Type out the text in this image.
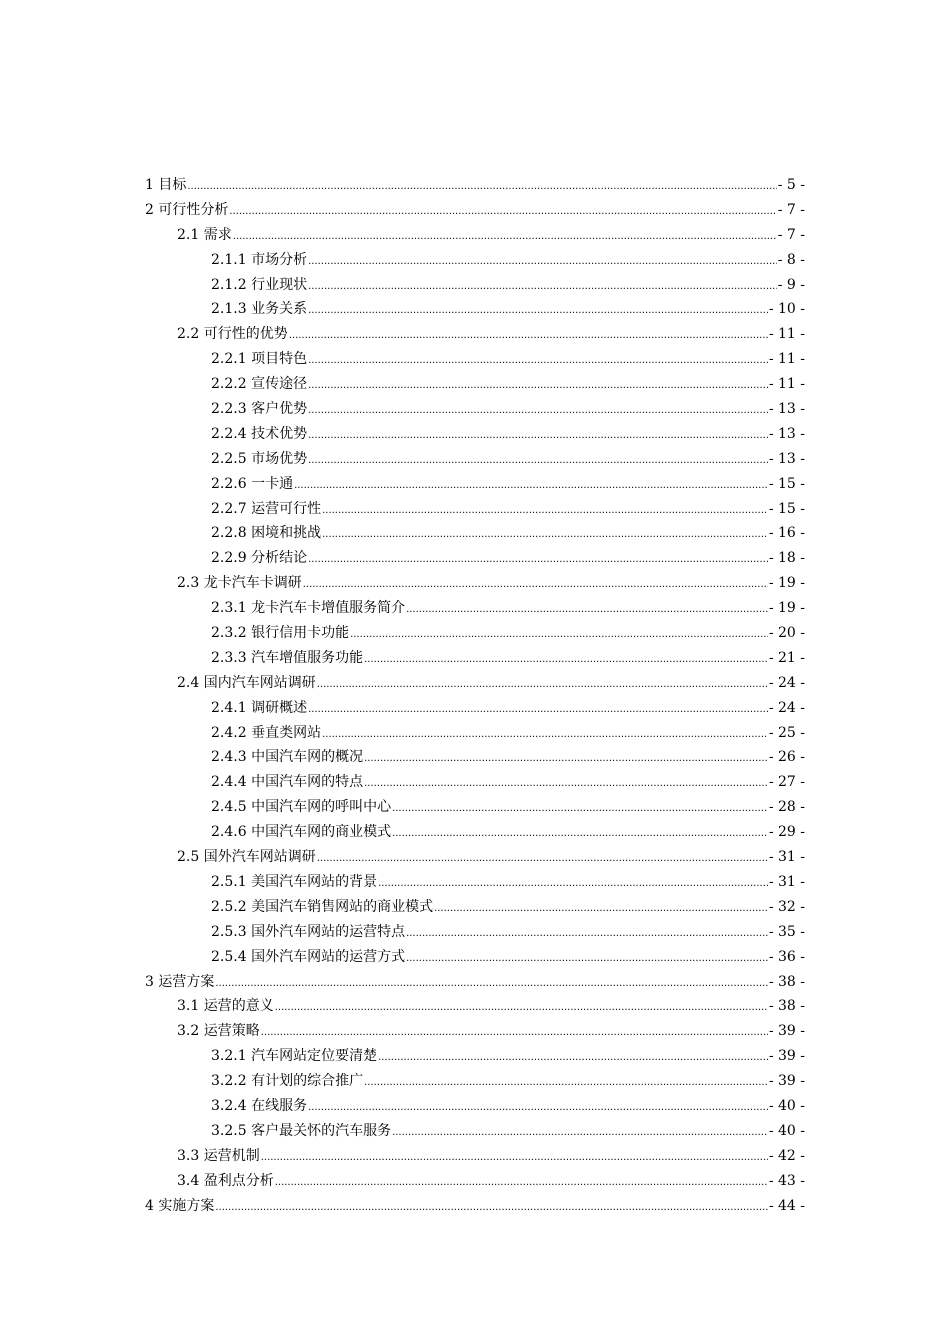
1 目标 .....	- 5 -
2 可行性分析 .....	- 7 -
2.1 需求 .....	- 7 -
2.1.1 市场分析 .....	- 8 -
2.1.2 行业现状 .....	- 9 -
2.1.3 业务关系 .....	- 10 -
2.2 可行性的优势 .....	- 11 -
2.2.1 项目特色 .....	- 11 -
2.2.2 宣传途径 .....	- 11 -
2.2.3 客户优势 .....	- 13 -
2.2.4 技术优势 .....	- 13 -
2.2.5 市场优势 .....	- 13 -
2.2.6 一卡通 .....	- 15 -
2.2.7 运营可行性 .....	- 15 -
2.2.8 困境和挑战 .....	- 16 -
2.2.9 分析结论 .....	- 18 -
2.3 龙卡汽车卡调研 .....	- 19 -
2.3.1 龙卡汽车卡增值服务简介 .....	- 19 -
2.3.2 银行信用卡功能 .....	- 20 -
2.3.3 汽车增值服务功能 .....	- 21 -
2.4 国内汽车网站调研 .....	- 24 -
2.4.1 调研概述 .....	- 24 -
2.4.2 垂直类网站 .....	- 25 -
2.4.3 中国汽车网的概况 .....	- 26 -
2.4.4 中国汽车网的特点 .....	- 27 -
2.4.5 中国汽车网的呼叫中心 .....	- 28 -
2.4.6 中国汽车网的商业模式 .....	- 29 -
2.5 国外汽车网站调研 .....	- 31 -
2.5.1 美国汽车网站的背景 .....	- 31 -
2.5.2 美国汽车销售网站的商业模式 .....	- 32 -
2.5.3 国外汽车网站的运营特点 .....	- 35 -
2.5.4 国外汽车网站的运营方式 .....	- 36 -
3 运营方案 .....	- 38 -
3.1 运营的意义 .....	- 38 -
3.2 运营策略 .....	- 39 -
3.2.1 汽车网站定位要清楚 .....	- 39 -
3.2.2 有计划的综合推广 .....	- 39 -
3.2.4 在线服务 .....	- 40 -
3.2.5 客户最关怀的汽车服务 .....	- 40 -
3.3 运营机制 .....	- 42 -
3.4 盈利点分析 .....	- 43 -
4 实施方案 .....	- 44 -
